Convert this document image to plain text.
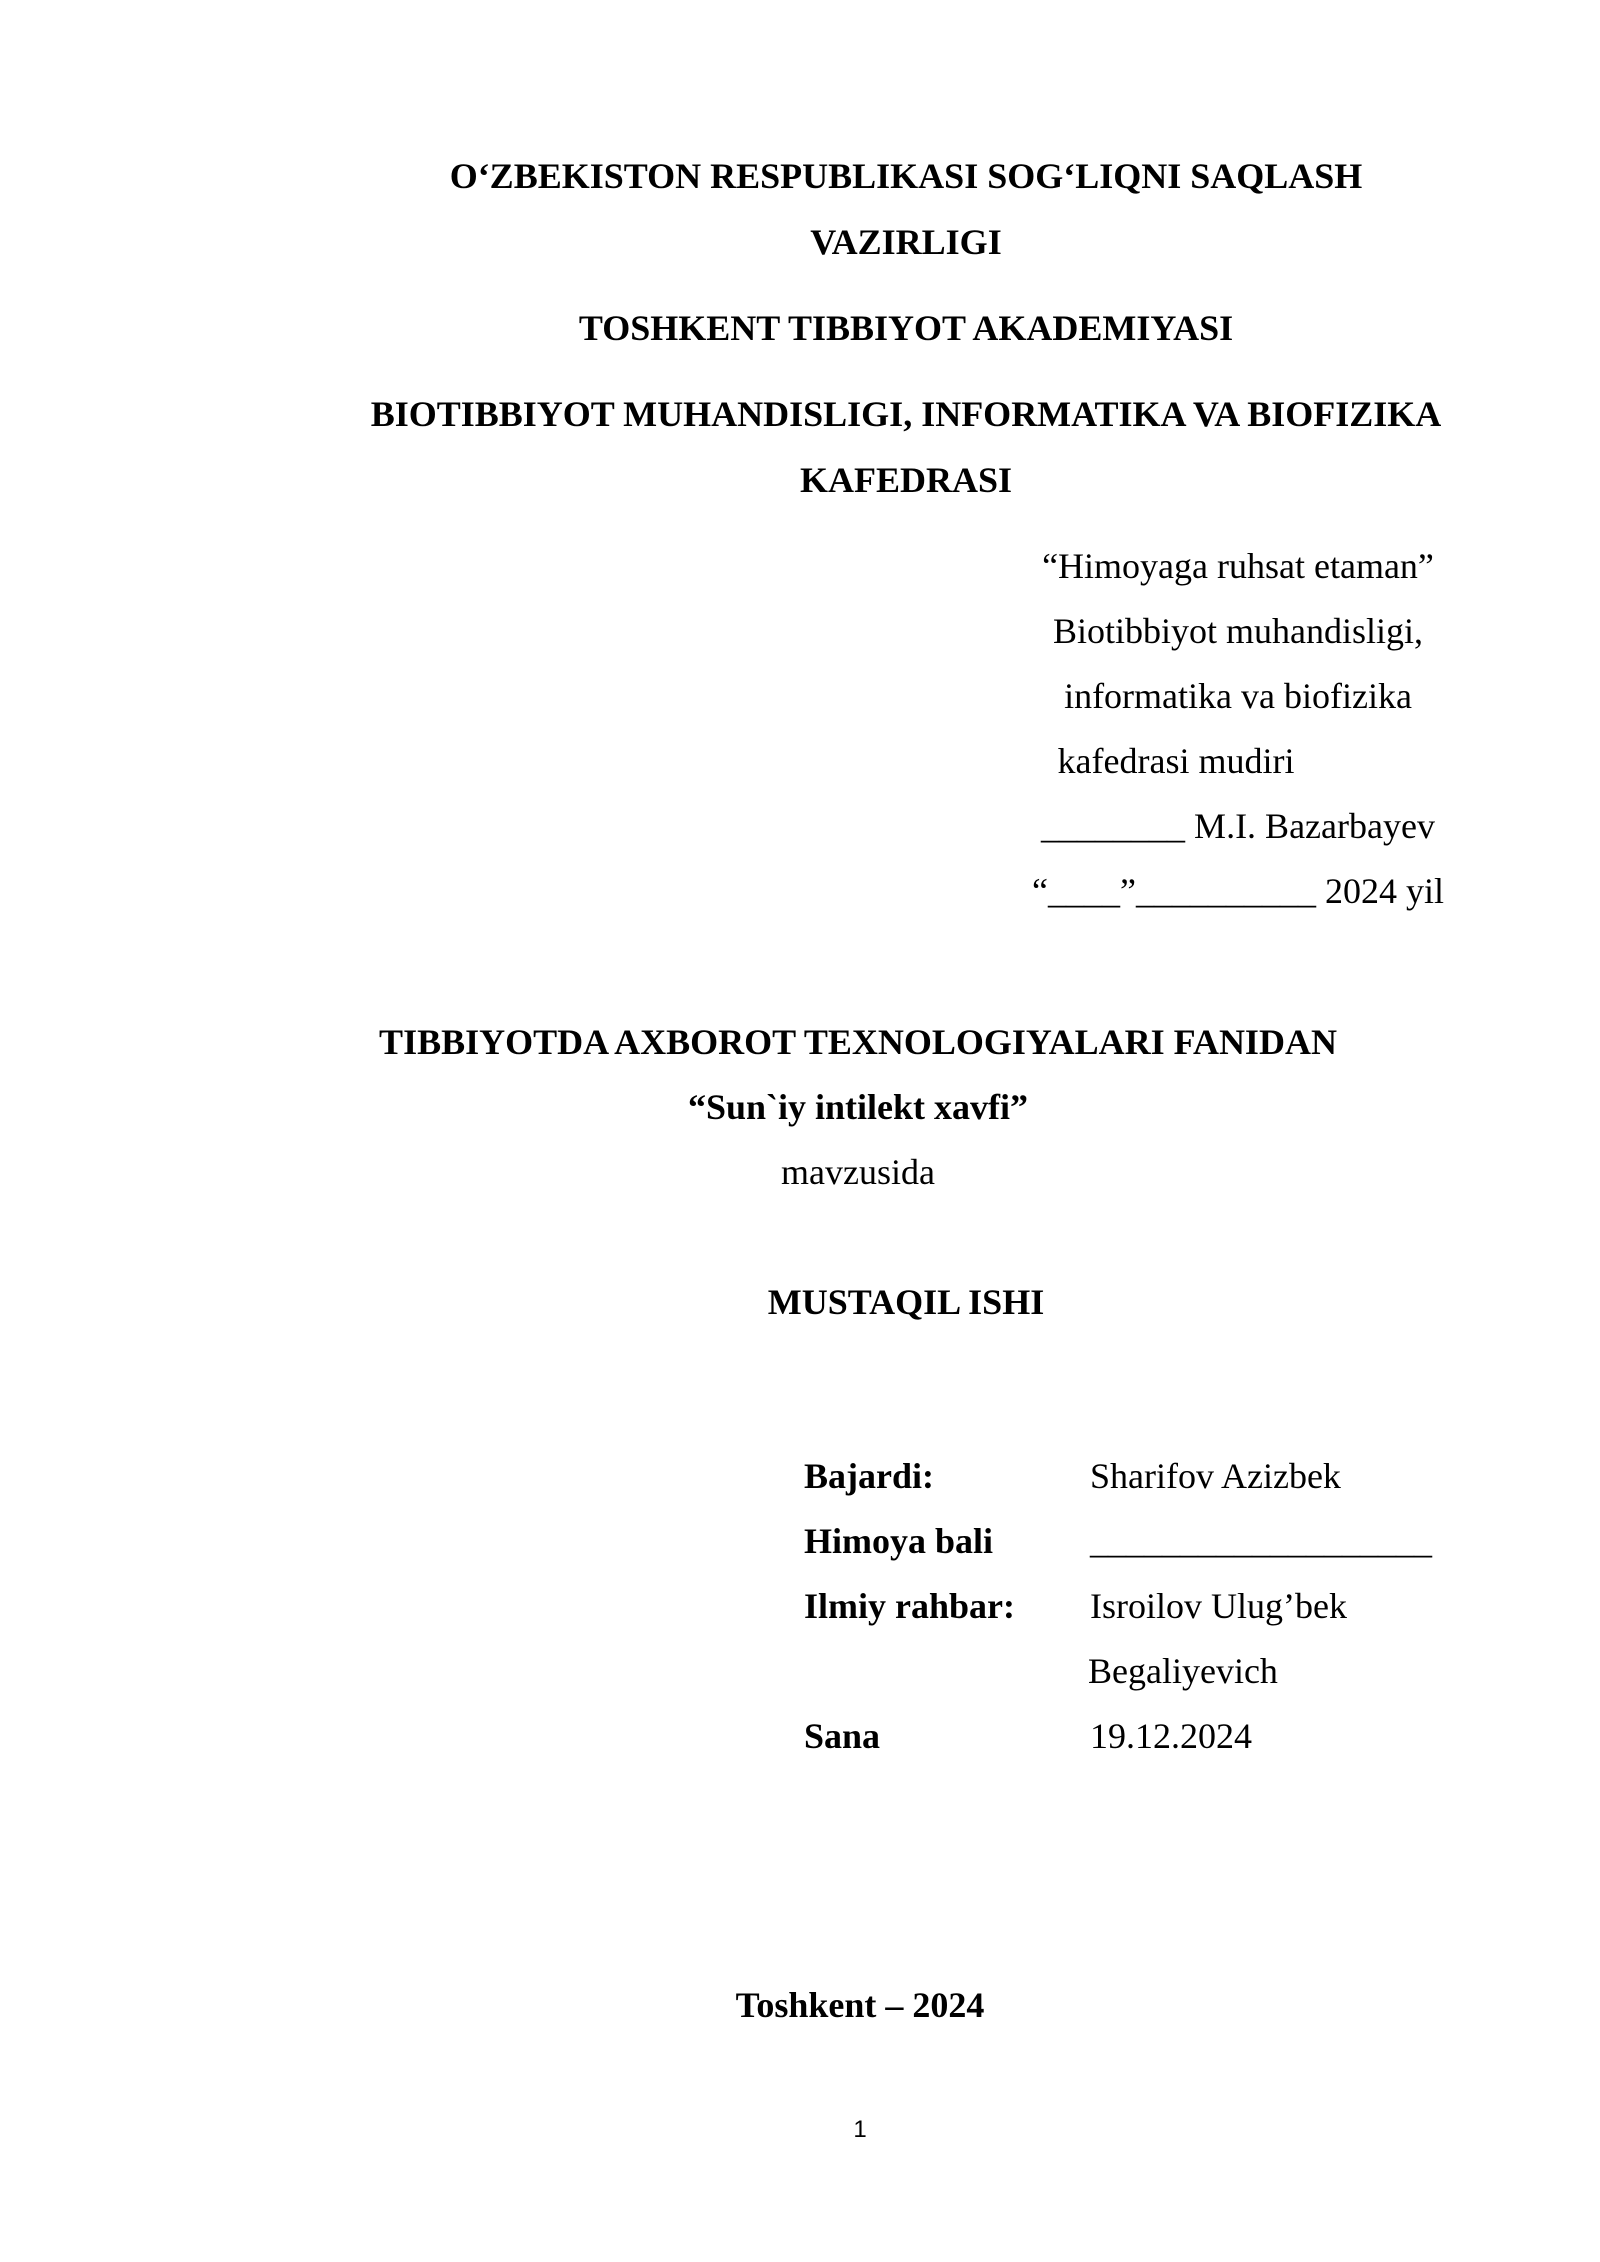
O‘ZBEKISTON RESPUBLIKASI SOG‘LIQNI SAQLASH
VAZIRLIGI
TOSHKENT TIBBIYOT AKADEMIYASI
BIOTIBBIYOT MUHANDISLIGI, INFORMATIKA VA BIOFIZIKA
KAFEDRASI
“Himoyaga ruhsat etaman”
Biotibbiyot muhandisligi,
informatika va biofizika
kafedrasi mudiri
________ M.I. Bazarbayev
“____”__________ 2024 yil
TIBBIYOTDA AXBOROT TEXNOLOGIYALARI FANIDAN
“Sun`iy intilekt xavfi”
mavzusida
MUSTAQIL ISHI
Bajardi:	Sharifov Azizbek
Himoya bali	___________________
Ilmiy rahbar: Isroilov Ulug’bek
Begaliyevich
Sana	19.12.2024
Toshkent – 2024
1
